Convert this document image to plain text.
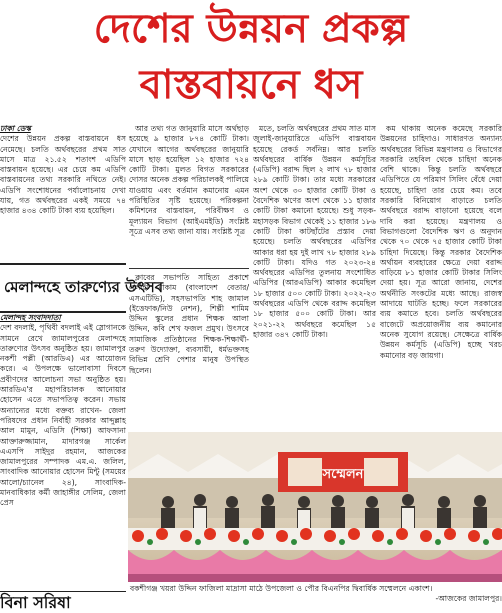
দেশের উন্নয়ন প্রকল্প
বাস্তবায়নে ধস

ঢাকা ডেস্ক
দেশের উন্নয়ন প্রকল্প বাস্তবায়নে ধস নেমেছে। চলতি অর্থবছরের প্রথম সাত মাসে মাত্র ২১.৫২ শতাংশ এডিপি বাস্তবায়ন হয়েছে। এর চেয়ে কম এডিপি বাস্তবায়নের তথ্য সরকারি নথিতে নেই। এডিপি সংশোধনের পর্যালোচনায় দেখা যায়, গত অর্থবছরের একই সময়ে ৭৪ হাজার ৪৩৪ কোটি টাকা ব্যয় হয়েছিল।

মেলান্দহে তারুণ্যের উৎসব

আর তথ্য গত জানুয়ারি মাসে অর্থছাড় হয়েছে ৯ হাজার ৮৭৪ কোটি টাকা। যেখানে আগের অর্থবছরের জানুয়ারি মাসে ছাড় হয়েছিল ১২ হাজার ৭২৪ কোটি টাকা। মুলত বিগত সরকারের দোসর অনেক প্রকল্প পরিচালকই পালিয়ে যাওয়ায় এবং বর্তমান কমানোয় এমন পরিস্থিতির সৃষ্টি হয়েছে। পরিকল্পনা কমিশনের বাস্তবায়ন, পরিবীক্ষণ ও মূল্যায়ন বিভাগ (আইএমইডি) সংশ্লিষ্ট সূত্রে এসব তথ্য জানা যায়। সংশ্লিষ্ট সূত্র

মতে, চলতি অর্থবছরের প্রথম সাত মাস জুলাই-জানুয়ারিতে এডিপি বাস্তবায়ন হয়েছে রেকর্ড সর্বনিম্ন। আর চলতি অর্থবছরের বার্ষিক উন্নয়ন কর্মসূচির (এডিপি) বরাদ্দ ছিল ২ লাখ ৭৮ হাজার ২৮৯ কোটি টাকা। তার মধ্যে সরকারের অংশ থেকে ৩০ হাজার কোটি টাকা ও বৈদেশিক ঋণের অংশ থেকে ১১ হাজার কোটি টাকা কমানো হয়েছে। শুধু সড়ক-মহাসড়ক বিভাগ থেকেই ১১ হাজার ১৮৬ কোটি টাকা কাটছাঁটের প্রস্তাব দেয়া হয়েছে। চলতি অর্থবছরের এডিপির আকার ধরা হয় দুই লাখ ৭৮ হাজার ২৮৯ কোটি টাকা। যদিও গত ২০২৩-২৪ অর্থবছরের এডিপির তুলনায় সংশোধিত এডিপির (আরএডিপি) আকার কমেছিল ১৮ হাজার ৫০০ কোটি টাকা। ২০২২-২৩ অর্থবছরের এডিপি থেকে বরাদ্দ কমেছিল ১৮ হাজার ৫০০ কোটি টাকা। আর ২০২১-২২ অর্থবছরে কমেছিল ১৫ হাজার ৩৪৭ কোটি টাকা।

কম থাকায় অনেক কমেছে সরকারি উন্নয়নের চাহিদাও। সাধারণত অন্যান্য অর্থবছরের বিভিন্ন মন্ত্রণালয় ও বিভাগের সরকারি তহবিল থেকে চাহিদা অনেক বেশি থাকে। কিন্তু চলতি অর্থবছরে এডিপিতে যে পরিমাণ সিলিং বেঁধে দেয়া হয়েছে, চাহিদা তার চেয়ে কম। তবে সরকারি বিনিয়োগ বাড়াতে চলতি অর্থবছরে বরাদ্দ বাড়ানো হয়েছে বলে দাবি করা হয়েছে। মন্ত্রণালয় ও বিভাগগুলো বৈদেশিক ঋণ ও অনুদান থেকে ৭০ থেকে ৭৫ হাজার কোটি টাকা চাহিদা দিয়েছে। কিন্তু সরকার বৈদেশিক অর্থায়ন ব্যবহারের ক্ষেত্রে দেয়া বরাদ্দ বাড়িয়ে ৮১ হাজার কোটি টাকার সিলিং দেয়া হয়। সূত্র আরো জানায়, দেশের অর্থনীতি সংকটের মধ্যে আছে। রাজস্ব আদায়ে ঘাটতি হচ্ছে। ফলে সরকারের ব্যয় কমাতে হবে। চলতি অর্থবছরের বাজেটে অপ্রয়োজনীয় ব্যয় কমানোর অনেক সুযোগ রয়েছে। সেক্ষেত্রে বার্ষিক উন্নয়ন কর্মসূচি (এডিপি) হচ্ছে খরচ কমানোর বড় জায়গা।

মেলান্দহ সংবাদদাতা
দেশ বদলাই, পৃথিবী বদলাই এই স্লোগানকে সামনে রেখে জামালপুরের মেলান্দহে তারুণ্যের উৎসব অনুষ্ঠিত হয়। জামালপুর নকশী পল্লী (আরডিএ) এর আয়োজন করে। এ উপলক্ষে ভালোবাসা দিবসে প্রবীণদের আলোচনা সভা অনুষ্ঠিত হয়। আরডিএ'র মহাপরিচালক আনোয়ার হোসেন এতে সভাপতিত্ব করেন। সভায় অন্যান্যের মধ্যে বক্তব্য রাখেন- জেলা পরিষদের প্রধান নির্বাহী সরকার আব্দুল্লাহ আল মামুন, এডিসি (শিক্ষা) আফসানা আক্তারুজ্জামান, মাদারগঞ্জ সার্কেল এএসপি সাইদুর রহমান, আজকের জামালপুরের সম্পাদক এম.এ. জলিল, সাংবাদিক আনোয়ার হোসেন মিন্টু (সময়ের আলো/চ্যানেল ২৪), সাংবাদিক-মানবাধিকার কর্মী জাহাঙ্গীর সেলিম, জেলা প্রেস

ক্লাবের সভাপতি সাহিত্য প্রকাশে এলাহী মাকাম (বাংলাদেশ বেতার/এসএটিভি), সহসভাপতি শাহ জামাল (ইত্তেফাক/নিউ নেশন), শিল্পী শামিম উদ্দিন স্কুলের প্রধান শিক্ষক আলা উদ্দিন, কবি শেখ ফজল প্রমুখ। উৎসবে সামাজিক প্রতিষ্ঠানের শিক্ষক-শিক্ষার্থী-তরুণ উদ্যোক্তা, ব্যবসায়ী, ধর্মভক্তসহ বিভিন্ন শ্রেণি পেশার মানুষ উপস্থিত ছিলেন।

সম্মেলন
বকশীগঞ্জ খয়রা উদ্দিন ফাজিলা মাদ্রাসা মাঠে উপজেলা ও পৌর বিএনপির দ্বিবার্ষিক সম্মেলনে একাংশ।
-আজকের জামালপুর।
বিনা সরিষা
